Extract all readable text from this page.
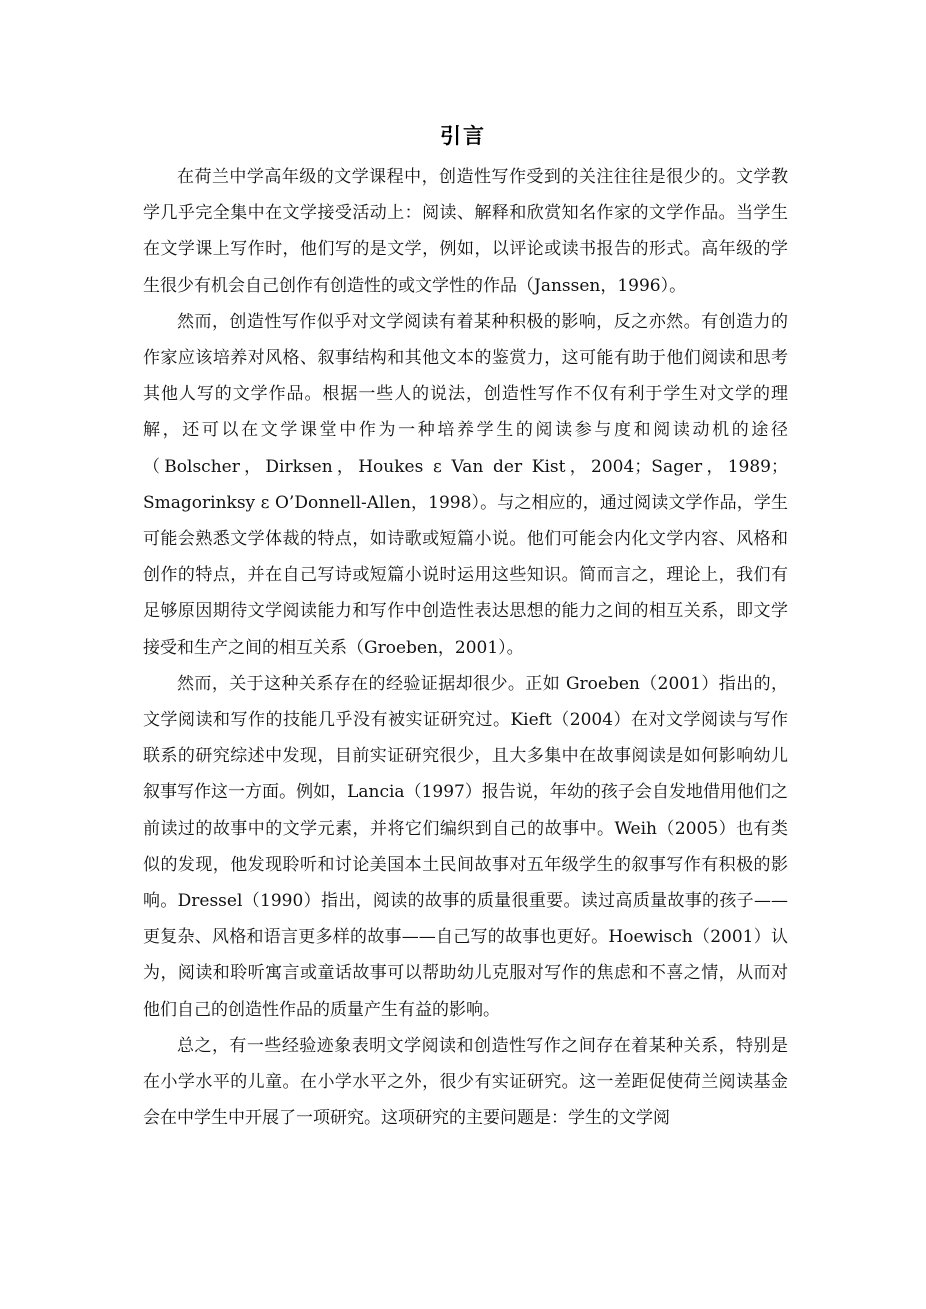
引言

在荷兰中学高年级的文学课程中，创造性写作受到的关注往往是很少的。文学教学几乎完全集中在文学接受活动上：阅读、解释和欣赏知名作家的文学作品。当学生在文学课上写作时，他们写的是文学，例如，以评论或读书报告的形式。高年级的学生很少有机会自己创作有创造性的或文学性的作品（Janssen，1996）。

然而，创造性写作似乎对文学阅读有着某种积极的影响，反之亦然。有创造力的作家应该培养对风格、叙事结构和其他文本的鉴赏力，这可能有助于他们阅读和思考其他人写的文学作品。根据一些人的说法，创造性写作不仅有利于学生对文学的理解，还可以在文学课堂中作为一种培养学生的阅读参与度和阅读动机的途径（Bolscher，Dirksen，Houkes ε Van der Kist，2004；Sager，1989；Smagorinksy ε O’Donnell-Allen，1998）。与之相应的，通过阅读文学作品，学生可能会熟悉文学体裁的特点，如诗歌或短篇小说。他们可能会内化文学内容、风格和创作的特点，并在自己写诗或短篇小说时运用这些知识。简而言之，理论上，我们有足够原因期待文学阅读能力和写作中创造性表达思想的能力之间的相互关系，即文学接受和生产之间的相互关系（Groeben，2001）。

然而，关于这种关系存在的经验证据却很少。正如 Groeben（2001）指出的，文学阅读和写作的技能几乎没有被实证研究过。Kieft（2004）在对文学阅读与写作联系的研究综述中发现，目前实证研究很少，且大多集中在故事阅读是如何影响幼儿叙事写作这一方面。例如，Lancia（1997）报告说，年幼的孩子会自发地借用他们之前读过的故事中的文学元素，并将它们编织到自己的故事中。Weih（2005）也有类似的发现，他发现聆听和讨论美国本土民间故事对五年级学生的叙事写作有积极的影响。Dressel（1990）指出，阅读的故事的质量很重要。读过高质量故事的孩子——更复杂、风格和语言更多样的故事——自己写的故事也更好。Hoewisch（2001）认为，阅读和聆听寓言或童话故事可以帮助幼儿克服对写作的焦虑和不喜之情，从而对他们自己的创造性作品的质量产生有益的影响。

总之，有一些经验迹象表明文学阅读和创造性写作之间存在着某种关系，特别是在小学水平的儿童。在小学水平之外，很少有实证研究。这一差距促使荷兰阅读基金会在中学生中开展了一项研究。这项研究的主要问题是：学生的文学阅
